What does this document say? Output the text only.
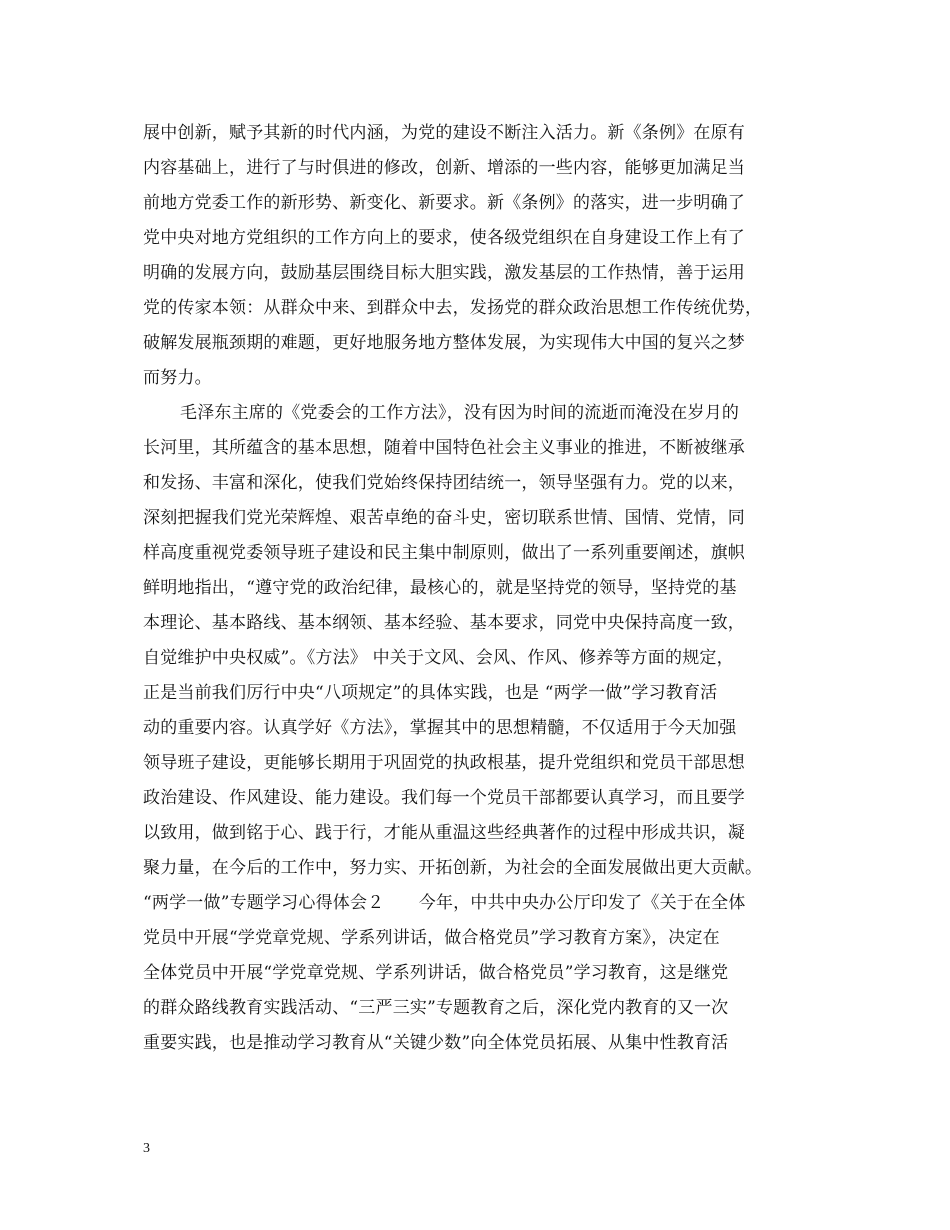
展中创新，赋予其新的时代内涵，为党的建设不断注入活力。新《条例》在原有
内容基础上，进行了与时俱进的修改，创新、增添的一些内容，能够更加满足当
前地方党委工作的新形势、新变化、新要求。新《条例》的落实，进一步明确了
党中央对地方党组织的工作方向上的要求，使各级党组织在自身建设工作上有了
明确的发展方向，鼓励基层围绕目标大胆实践，激发基层的工作热情，善于运用
党的传家本领：从群众中来、到群众中去，发扬党的群众政治思想工作传统优势，
破解发展瓶颈期的难题，更好地服务地方整体发展，为实现伟大中国的复兴之梦
而努力。
毛泽东主席的《党委会的工作方法》，没有因为时间的流逝而淹没在岁月的
长河里，其所蕴含的基本思想，随着中国特色社会主义事业的推进，不断被继承
和发扬、丰富和深化，使我们党始终保持团结统一，领导坚强有力。党的以来，
深刻把握我们党光荣辉煌、艰苦卓绝的奋斗史，密切联系世情、国情、党情，同
样高度重视党委领导班子建设和民主集中制原则，做出了一系列重要阐述，旗帜
鲜明地指出，“遵守党的政治纪律，最核心的，就是坚持党的领导，坚持党的基
本理论、基本路线、基本纲领、基本经验、基本要求，同党中央保持高度一致，
自觉维护中央权威”。《方法》 中关于文风、会风、作风、修养等方面的规定，
正是当前我们厉行中央“八项规定”的具体实践，也是 “两学一做”学习教育活
动的重要内容。认真学好《方法》，掌握其中的思想精髓，不仅适用于今天加强
领导班子建设，更能够长期用于巩固党的执政根基，提升党组织和党员干部思想
政治建设、作风建设、能力建设。我们每一个党员干部都要认真学习，而且要学
以致用，做到铭于心、践于行，才能从重温这些经典著作的过程中形成共识，凝
聚力量，在今后的工作中，努力实、开拓创新，为社会的全面发展做出更大贡献。
“两学一做”专题学习心得体会２　　今年，中共中央办公厅印发了《关于在全体
党员中开展“学党章党规、学系列讲话，做合格党员”学习教育方案》，决定在
全体党员中开展“学党章党规、学系列讲话，做合格党员”学习教育，这是继党
的群众路线教育实践活动、“三严三实”专题教育之后，深化党内教育的又一次
重要实践，也是推动学习教育从“关键少数”向全体党员拓展、从集中性教育活
3
